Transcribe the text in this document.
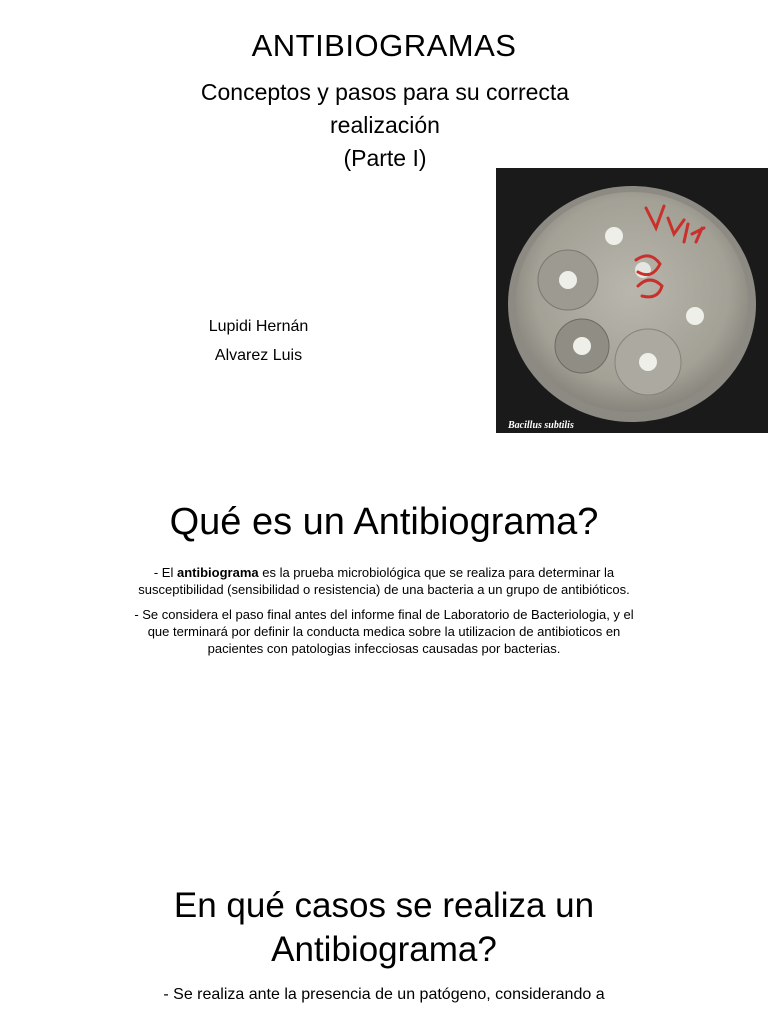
ANTIBIOGRAMAS
Conceptos y pasos para su correcta
realización
(Parte I)
Lupidi Hernán
Alvarez Luis
Bacillus subtilis
Qué es un Antibiograma?
- El antibiograma es la prueba microbiológica que se realiza para determinar la susceptibilidad (sensibilidad o resistencia) de una bacteria a un grupo de antibióticos.
- Se considera el paso final antes del informe final de Laboratorio de Bacteriologia, y el que terminará por definir la conducta medica sobre la utilizacion de antibioticos en pacientes con patologias infecciosas causadas por bacterias.
En qué casos se realiza un
Antibiograma?
- Se realiza ante la presencia de un patógeno, considerando a
